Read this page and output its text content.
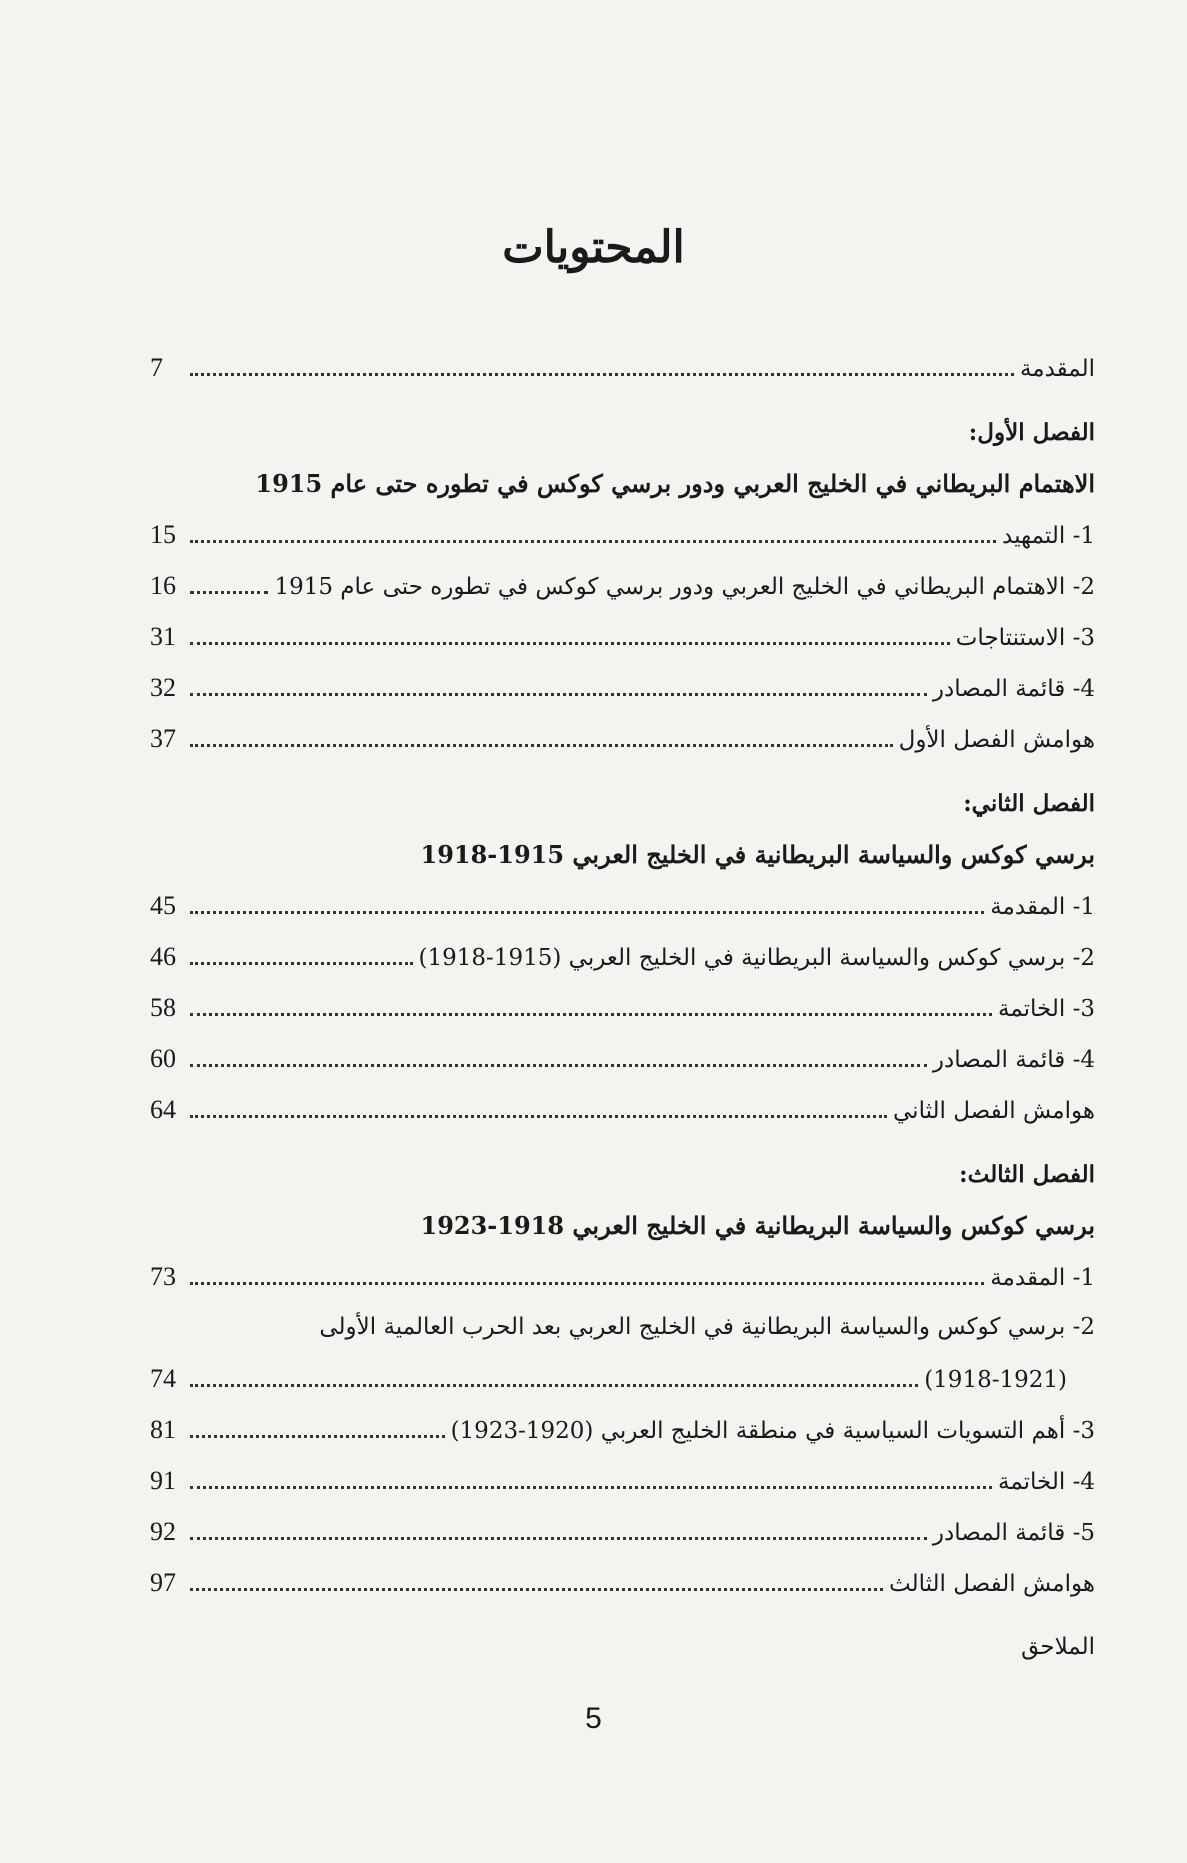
المحتويات
المقدمة
7
الفصل الأول:
الاهتمام البريطاني في الخليج العربي ودور برسي كوكس في تطوره حتى عام 1915
1- التمهيد
15
2- الاهتمام البريطاني في الخليج العربي ودور برسي كوكس في تطوره حتى عام 1915
16
3- الاستنتاجات
31
4- قائمة المصادر
32
هوامش الفصل الأول
37
الفصل الثاني:
برسي كوكس والسياسة البريطانية في الخليج العربي 1915-1918
1- المقدمة
45
2- برسي كوكس والسياسة البريطانية في الخليج العربي (1915-1918)
46
3- الخاتمة
58
4- قائمة المصادر
60
هوامش الفصل الثاني
64
الفصل الثالث:
برسي كوكس والسياسة البريطانية في الخليج العربي 1918-1923
1- المقدمة
73
2- برسي كوكس والسياسة البريطانية في الخليج العربي بعد الحرب العالمية الأولى
(1918-1921)
74
3- أهم التسويات السياسية في منطقة الخليج العربي (1920-1923)
81
4- الخاتمة
91
5- قائمة المصادر
92
هوامش الفصل الثالث
97
الملاحق
5
